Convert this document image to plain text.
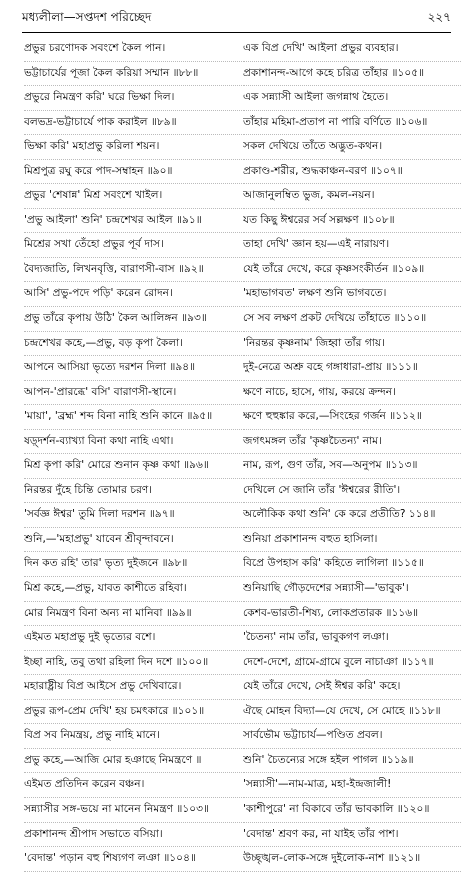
মধ্যলীলা—সপ্তদশ পরিচ্ছেদ	২২৭
প্রভুর চরণোদক সবংশে কৈল পান।
ভট্টাচার্যের পূজা কৈল করিয়া সম্মান ॥৮৮॥
প্রভুরে নিমন্ত্রণ করি' ঘরে ভিক্ষা দিল।
বলভদ্র-ভট্টাচার্যে পাক করাইল ॥৮৯॥
ভিক্ষা করি' মহাপ্রভু করিলা শয়ন।
মিশ্রপুত্র রঘু করে পাদ-সম্বাহন ॥৯০॥
প্রভুর 'শেষান্ন' মিশ্র সবংশে খাইল।
'প্রভু আইলা' শুনি' চন্দ্রশেখর আইল ॥৯১॥
মিশ্রের সখা তেঁহো প্রভুর পূর্ব দাস।
বৈদ্যজাতি, লিখনবৃত্তি, বারাণসী-বাস ॥৯২॥
আসি' প্রভু-পদে পড়ি' করেন রোদন।
প্রভু তাঁরে কৃপায় উঠি' কৈল আলিঙ্গন ॥৯৩॥
চন্দ্রশেখর কহে,—প্রভু, বড় কৃপা কৈলা।
আপনে আসিয়া ভৃত্যে দরশন দিলা ॥৯৪॥
আপন-'প্রারব্ধে' বসি' বারাণসী-স্থানে।
'মায়া', 'ব্রহ্ম' শব্দ বিনা নাহি শুনি কানে ॥৯৫॥
ষড়্দর্শন-ব্যাখ্যা বিনা কথা নাহি এথা।
মিশ্র কৃপা করি' মোরে শুনান কৃষ্ণ কথা ॥৯৬॥
নিরন্তর দুঁহে চিন্তি তোমার চরণ।
'সর্বজ্ঞ ঈশ্বর' তুমি দিলা দরশন ॥৯৭॥
শুনি,—'মহাপ্রভু' যাবেন শ্রীবৃন্দাবনে।
দিন কত রহি' তার' ভৃত্য দুইজনে ॥৯৮॥
মিশ্র কহে,—প্রভু, যাবত কাশীতে রহিবা।
মোর নিমন্ত্রণ বিনা অন্য না মানিবা ॥৯৯॥
এইমত মহাপ্রভু দুই ভৃত্যের বশে।
ইচ্ছা নাহি, তবু তথা রহিলা দিন দশে ॥১০০॥
মহারাষ্ট্রীয় বিপ্র আইসে প্রভু দেখিবারে।
প্রভুর রূপ-প্রেম দেখি' হয় চমৎকারে ॥১০১॥
বিপ্র সব নিমন্ত্রয়, প্রভু নাহি মানে।
প্রভু কহে,—আজি মোর হঞাছে নিমন্ত্রণে ॥
এইমত প্রতিদিন করেন বঞ্চন।
সন্ন্যাসীর সঙ্গ-ভয়ে না মানেন নিমন্ত্রণ ॥১০৩॥
প্রকাশানন্দ শ্রীপাদ সভাতে বসিয়া।
'বেদান্ত' পড়ান বহু শিষ্যগণ লঞা ॥১০৪॥
এক বিপ্র দেখি' আইলা প্রভুর ব্যবহার।
প্রকাশানন্দ-আগে কহে চরিত্র তাঁহার ॥১০৫॥
এক সন্ন্যাসী আইলা জগন্নাথ হৈতে।
তাঁহার মহিমা-প্রতাপ না পারি বর্ণিতে ॥১০৬॥
সকল দেখিয়ে তাঁতে অদ্ভুত-কথন।
প্রকাণ্ড-শরীর, শুদ্ধকাঞ্চন-বরণ ॥১০৭॥
আজানুলম্বিত ভুজ, কমল-নয়ন।
যত কিছু ঈশ্বরের সর্ব সল্লক্ষণ ॥১০৮॥
তাহা দেখি' জ্ঞান হয়—এই নারায়ণ।
যেই তাঁরে দেখে, করে কৃষ্ণসংকীর্তন ॥১০৯॥
'মহাভাগবত' লক্ষণ শুনি ভাগবতে।
সে সব লক্ষণ প্রকট দেখিয়ে তাঁহাতে ॥১১০॥
'নিরন্তর কৃষ্ণনাম' জিহ্বা তাঁর গায়।
দুই-নেত্রে অশ্রু বহে গঙ্গাধারা-প্রায় ॥১১১॥
ক্ষণে নাচে, হাসে, গায়, করয়ে ক্রন্দন।
ক্ষণে হুহুঙ্কার করে,—সিংহের গর্জন ॥১১২॥
জগৎমঙ্গল তাঁর 'কৃষ্ণচৈতন্য' নাম।
নাম, রূপ, গুণ তাঁর, সব—অনুপম ॥১১৩॥
দেখিলে সে জানি তাঁর 'ঈশ্বরের রীতি'।
অলৌকিক কথা শুনি' কে করে প্রতীতি? ১১৪॥
শুনিয়া প্রকাশানন্দ বহুত হাসিলা।
বিপ্রে উপহাস করি' কহিতে লাগিলা ॥১১৫॥
শুনিয়াছি গৌড়দেশের সন্ন্যাসী—'ভাবুক'।
কেশব-ভারতী-শিষ্য, লোকপ্রতারক ॥১১৬॥
'চৈতন্য' নাম তাঁর, ভাবুকগণ লঞা।
দেশে-দেশে, গ্রামে-গ্রামে বুলে নাচাঞা ॥১১৭॥
যেই তাঁরে দেখে, সেই ঈশ্বর করি' কহে।
ঐছে মোহন বিদ্যা—যে দেখে, সে মোহে ॥১১৮॥
সার্বভৌম ভট্টাচার্য—পণ্ডিত প্রবল।
শুনি' চৈতন্যের সঙ্গে হইল পাগল ॥১১৯॥
'সন্ন্যাসী'—নাম-মাত্র, মহা-ইন্দ্রজালী!
'কাশীপুরে' না বিকাবে তাঁর ভাবকালি ॥১২০॥
'বেদান্ত' শ্রবণ কর, না যাইহ তাঁর পাশ।
উচ্ছৃঙ্খল-লোক-সঙ্গে দুইলোক-নাশ ॥১২১॥
